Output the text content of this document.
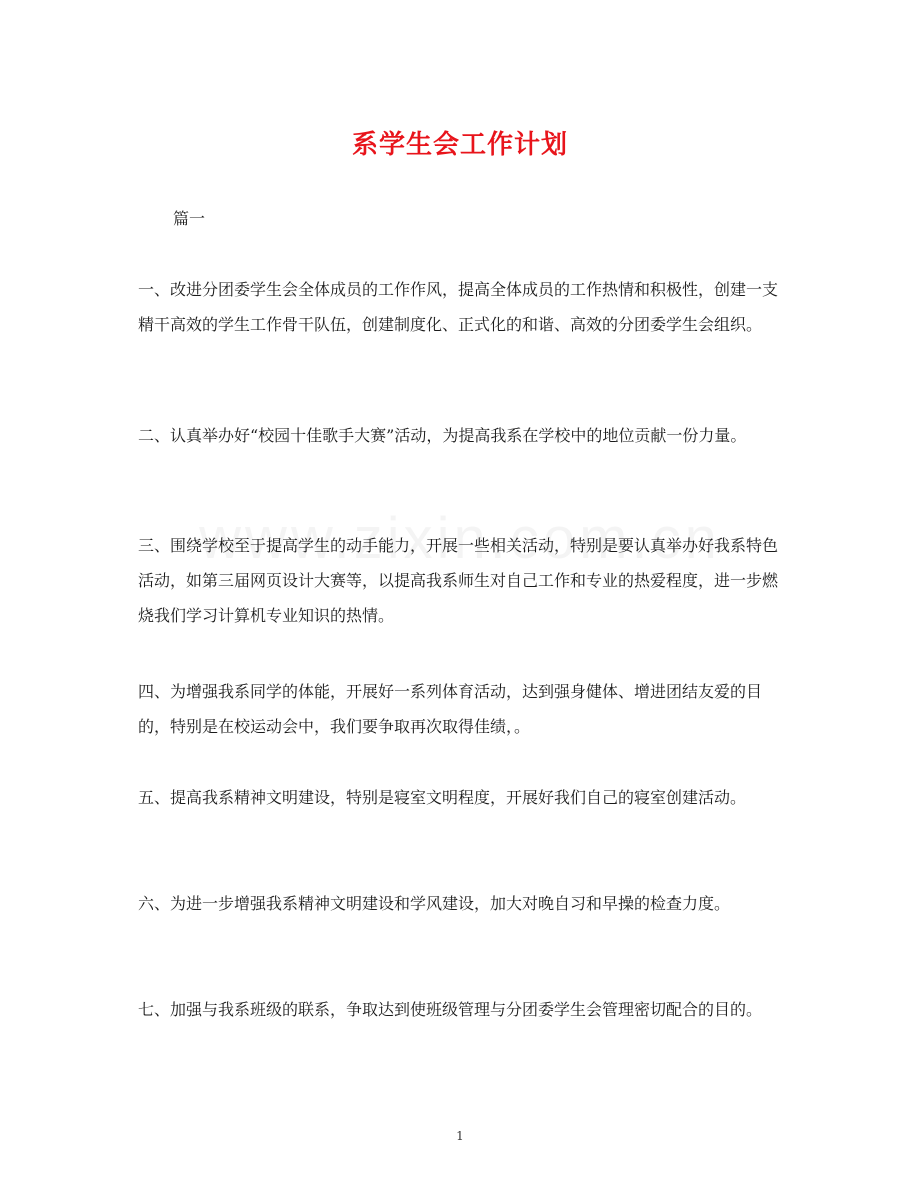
系学生会工作计划
篇一
一、改进分团委学生会全体成员的工作作风，提高全体成员的工作热情和积极性，创建一支精干高效的学生工作骨干队伍，创建制度化、正式化的和谐、高效的分团委学生会组织。
二、认真举办好“校园十佳歌手大赛”活动，为提高我系在学校中的地位贡献一份力量。
三、围绕学校至于提高学生的动手能力，开展一些相关活动，特别是要认真举办好我系特色活动，如第三届网页设计大赛等，以提高我系师生对自己工作和专业的热爱程度，进一步燃烧我们学习计算机专业知识的热情。
四、为增强我系同学的体能，开展好一系列体育活动，达到强身健体、增进团结友爱的目的，特别是在校运动会中，我们要争取再次取得佳绩，。
五、提高我系精神文明建设，特别是寝室文明程度，开展好我们自己的寝室创建活动。
六、为进一步增强我系精神文明建设和学风建设，加大对晚自习和早操的检查力度。
七、加强与我系班级的联系，争取达到使班级管理与分团委学生会管理密切配合的目的。
1
